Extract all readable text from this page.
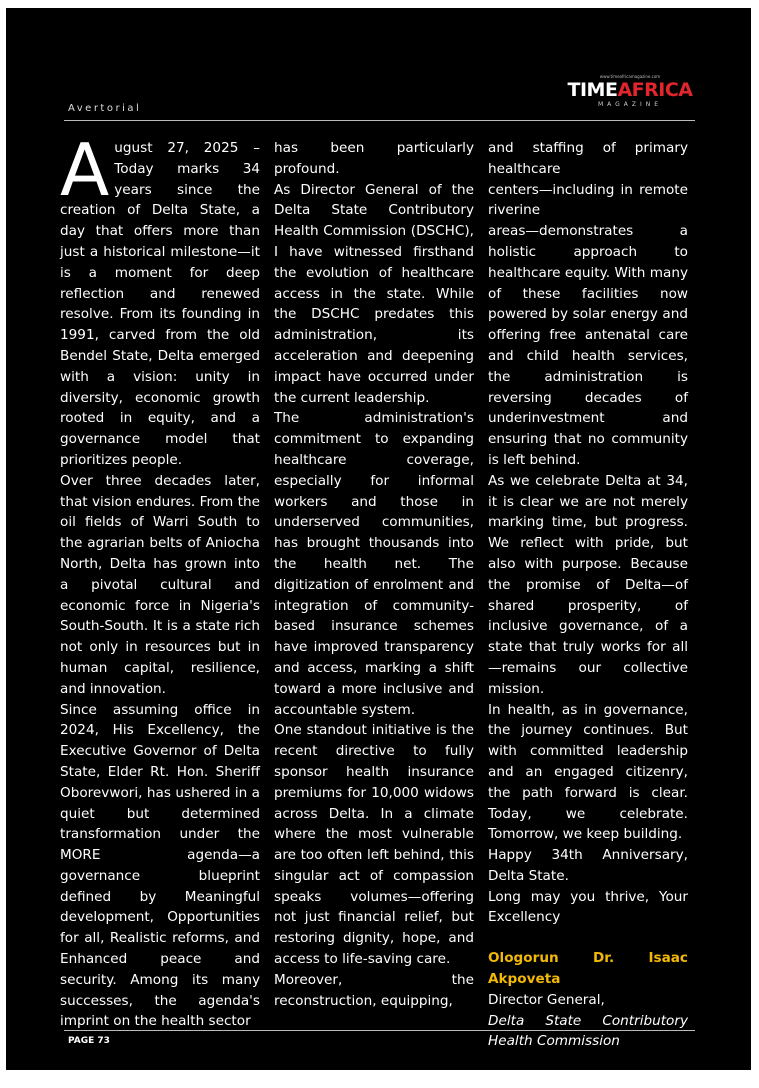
Avertorial
www.timeafricamagazine.com
TIMEAFRICA
MAGAZINE

August 27, 2025 – Today marks 34 years since the creation of Delta State, a day that offers more than just a historical milestone—it is a moment for deep reflection and renewed resolve. From its founding in 1991, carved from the old Bendel State, Delta emerged with a vision: unity in diversity, economic growth rooted in equity, and a governance model that prioritizes people.

Over three decades later, that vision endures. From the oil fields of Warri South to the agrarian belts of Aniocha North, Delta has grown into a pivotal cultural and economic force in Nigeria's South-South. It is a state rich not only in resources but in human capital, resilience, and innovation.

Since assuming office in 2024, His Excellency, the Executive Governor of Delta State, Elder Rt. Hon. Sheriff Oborevwori, has ushered in a quiet but determined transformation under the MORE agenda—a governance blueprint defined by Meaningful development, Opportunities for all, Realistic reforms, and Enhanced peace and security. Among its many successes, the agenda's imprint on the health sector

has been particularly profound.

As Director General of the Delta State Contributory Health Commission (DSCHC), I have witnessed firsthand the evolution of healthcare access in the state. While the DSCHC predates this administration, its acceleration and deepening impact have occurred under the current leadership.

The administration's commitment to expanding healthcare coverage, especially for informal workers and those in underserved communities, has brought thousands into the health net. The digitization of enrolment and integration of community-based insurance schemes have improved transparency and access, marking a shift toward a more inclusive and accountable system.

One standout initiative is the recent directive to fully sponsor health insurance premiums for 10,000 widows across Delta. In a climate where the most vulnerable are too often left behind, this singular act of compassion speaks volumes—offering not just financial relief, but restoring dignity, hope, and access to life-saving care.

Moreover, the reconstruction, equipping,

and staffing of primary healthcare

centers—including in remote riverine

areas—demonstrates a holistic approach to healthcare equity. With many of these facilities now powered by solar energy and offering free antenatal care and child health services, the administration is reversing decades of underinvestment and ensuring that no community is left behind.

As we celebrate Delta at 34, it is clear we are not merely marking time, but progress. We reflect with pride, but also with purpose. Because the promise of Delta—of shared prosperity, of inclusive governance, of a state that truly works for all—remains our collective mission.

In health, as in governance, the journey continues. But with committed leadership and an engaged citizenry, the path forward is clear. Today, we celebrate. Tomorrow, we keep building.

Happy 34th Anniversary, Delta State.

Long may you thrive, Your Excellency

Ologorun Dr. Isaac Akpoveta

Director General,

Delta State Contributory Health Commission

PAGE 73
